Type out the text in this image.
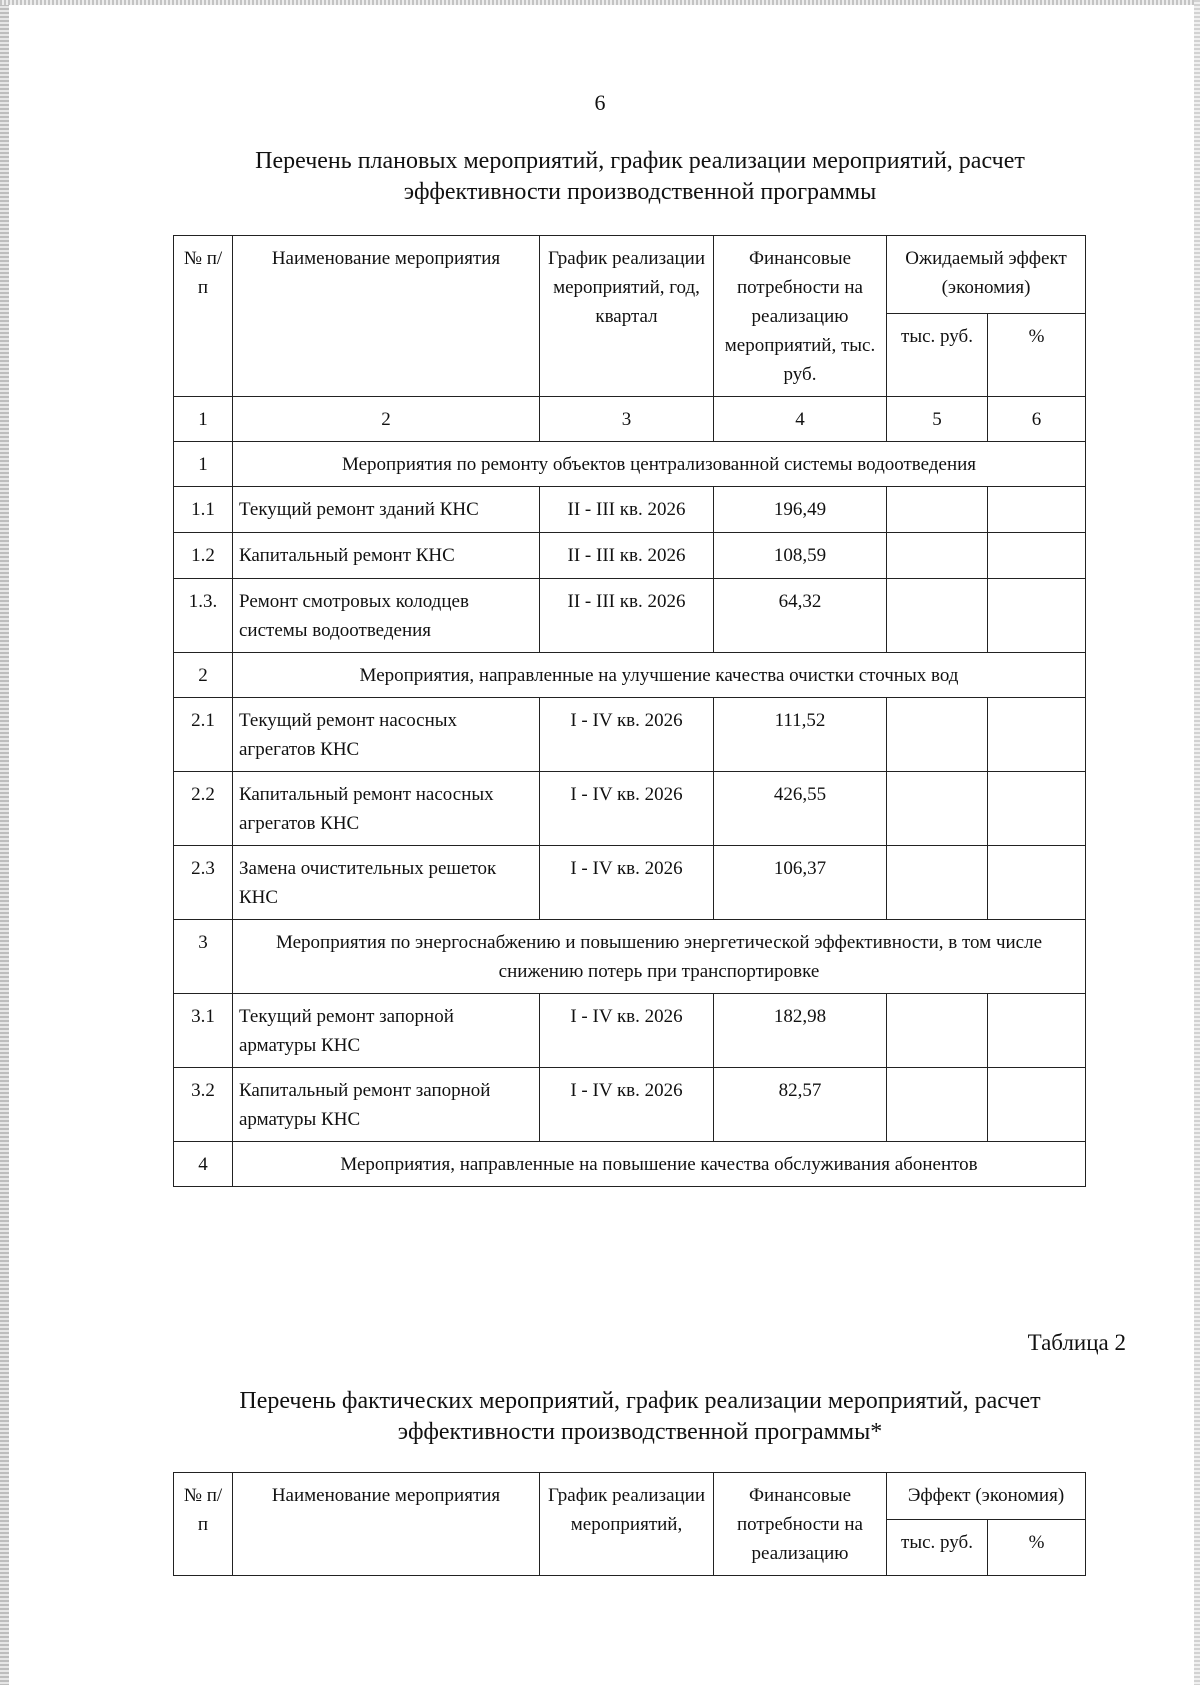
6
Перечень плановых мероприятий, график реализации мероприятий, расчет
эффективности производственной программы
№ п/п	Наименование мероприятия	График реализации мероприятий, год, квартал	Финансовые потребности на реализацию мероприятий, тыс. руб.	Ожидаемый эффект (экономия)	
				тыс. руб.	%
1	2	3	4	5	6
1	Мероприятия по ремонту объектов централизованной системы водоотведения				
1.1	Текущий ремонт зданий КНС	II - III кв. 2026	196,49		
1.2	Капитальный ремонт КНС	II - III кв. 2026	108,59		
1.3.	Ремонт смотровых колодцев системы водоотведения	II - III кв. 2026	64,32		
2	Мероприятия, направленные на улучшение качества очистки сточных вод				
2.1	Текущий ремонт насосных агрегатов КНС	I - IV кв. 2026	111,52		
2.2	Капитальный ремонт насосных агрегатов КНС	I - IV кв. 2026	426,55		
2.3	Замена очистительных решеток КНС	I - IV кв. 2026	106,37		
3	Мероприятия по энергоснабжению и повышению энергетической эффективности, в том числе снижению потерь при транспортировке				
3.1	Текущий ремонт запорной арматуры КНС	I - IV кв. 2026	182,98		
3.2	Капитальный ремонт запорной арматуры КНС	I - IV кв. 2026	82,57		
4	Мероприятия, направленные на повышение качества обслуживания абонентов				
Таблица 2
Перечень фактических мероприятий, график реализации мероприятий, расчет
эффективности производственной программы*
№ п/п	Наименование мероприятия	График реализации мероприятий,	Финансовые потребности на реализацию	Эффект (экономия)	
				тыс. руб.	%
